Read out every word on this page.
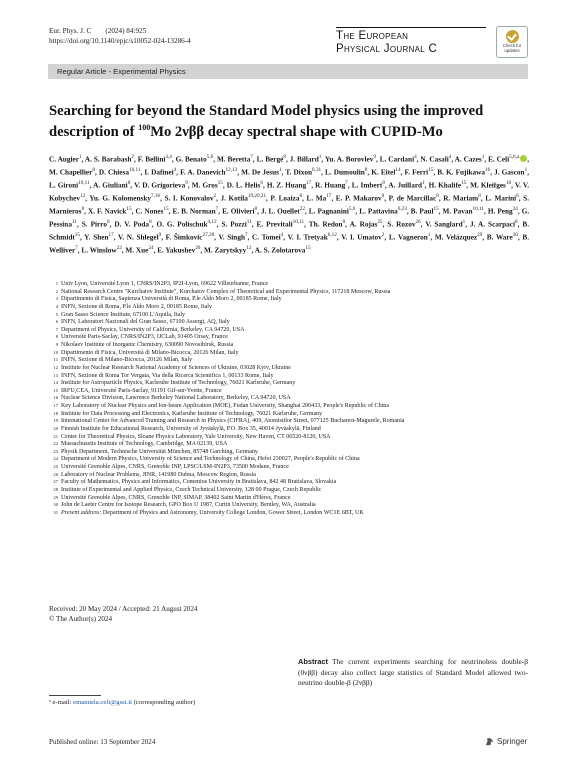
Eur. Phys. J. C (2024) 84:925
https://doi.org/10.1140/epjc/s10052-024-13286-4	The European
Physical Journal C	Check for updates
Regular Article - Experimental Physics
Searching for beyond the Standard Model physics using the improved description of $^{100}$Mo 2νββ decay spectral shape with CUPID-Mo
C. Augier$^1$, A. S. Barabash$^2$, F. Bellini$^{3,4}$, G. Benato$^{5,6}$, M. Beretta$^7$, L. Bergé$^8$, J. Billard$^1$, Yu. A. Borovlev$^9$, L. Cardani$^4$, N. Casali$^4$, A. Cazes$^1$, E. Celi$^{5,6,a}$ , M. Chapellier$^8$, D. Chiesa$^{10,11}$, I. Dafinei$^4$, F. A. Danevich$^{12,13}$, M. De Jesus$^1$, T. Dixon$^{8,31}$, L. Dumoulin$^8$, K. Eitel$^{14}$, F. Ferri$^{15}$, B. K. Fujikawa$^{16}$, J. Gascon$^1$, L. Gironi$^{10,11}$, A. Giuliani$^8$, V. D. Grigorieva$^9$, M. Gros$^{15}$, D. L. Helis$^6$, H. Z. Huang$^{17}$, R. Huang$^7$, L. Imbert$^8$, A. Juillard$^1$, H. Khalife$^{15}$, M. Kleifges$^{18}$, V. V. Kobychev$^{12}$, Yu. G. Kolomensky$^{7,16}$, S. I. Konovalov$^2$, J. Kotila$^{19,20,21}$, P. Loaiza$^8$, L. Ma$^{17}$, E. P. Makarov$^9$, P. de Marcillac$^8$, R. Mariam$^8$, L. Marini$^6$, S. Marnieros$^8$, X. F. Navick$^{15}$, C. Nones$^{15}$, E. B. Norman$^7$, E. Olivieri$^8$, J. L. Ouellet$^{22}$, L. Pagnanini$^{5,6}$, L. Pattavina$^{6,23}$, B. Paul$^{15}$, M. Pavan$^{10,11}$, H. Peng$^{24}$, G. Pessina$^{11}$, S. Pirro$^6$, D. V. Poda$^8$, O. G. Polischuk$^{4,12}$, S. Pozzi$^{11}$, E. Previtali$^{10,11}$, Th. Redon$^8$, A. Rojas$^{25}$, S. Rozov$^{26}$, V. Sanglard$^1$, J. A. Scarpaci$^8$, B. Schmidt$^{15}$, Y. Shen$^{17}$, V. N. Shlegel$^9$, F. Šimkovic$^{27,28}$, V. Singh$^7$, C. Tomei$^4$, V. I. Tretyak$^{6,12}$, V. I. Umatov$^2$, L. Vagneron$^1$, M. Velázquez$^{29}$, B. Ware$^{30}$, B. Welliver$^7$, L. Winslow$^{22}$, M. Xue$^{24}$, E. Yakushev$^{26}$, M. Zarytskyy$^{12}$, A. S. Zolotarova$^{15}$
1 Univ Lyon, Université Lyon 1, CNRS/IN2P3, IP2I-Lyon, 69622 Villeurbanne, France
2 National Research Centre "Kurchatov Institute", Kurchatov Complex of Theoretical and Experimental Physics, 117218 Moscow, Russia
3 Dipartimento di Fisica, Sapienza Università di Roma, P.le Aldo Moro 2, 00185 Rome, Italy
4 INFN, Sezione di Roma, P.le Aldo Moro 2, 00185 Rome, Italy
5 Gran Sasso Science Institute, 67100 L'Aquila, Italy
6 INFN, Laboratori Nazionali del Gran Sasso, 67100 Assergi, AQ, Italy
7 Department of Physics, University of California, Berkeley, CA 94720, USA
8 Université Paris-Saclay, CNRS/IN2P3, IJCLab, 91405 Orsay, France
9 Nikolaev Institute of Inorganic Chemistry, 630090 Novosibirsk, Russia
10 Dipartimento di Fisica, Università di Milano-Bicocca, 20126 Milan, Italy
11 INFN, Sezione di Milano-Bicocca, 20126 Milan, Italy
12 Institute for Nuclear Research National Academy of Sciences of Ukraine, 03028 Kyiv, Ukraine
13 INFN, Sezione di Roma Tor Vergata, Via della Ricerca Scientifica 1, 00133 Rome, Italy
14 Institute for Astroparticle Physics, Karlsruhe Institute of Technology, 76021 Karlsruhe, Germany
15 IRFU,CEA, Université Paris-Saclay, 91191 Gif-sur-Yvette, France
16 Nuclear Science Division, Lawrence Berkeley National Laboratory, Berkeley, CA 94720, USA
17 Key Laboratory of Nuclear Physics and Ion-beam Application (MOE), Fudan University, Shanghai 200433, People's Republic of China
18 Institute for Data Processing and Electronics, Karlsruhe Institute of Technology, 76021 Karlsruhe, Germany
19 International Center for Advanced Training and Research in Physics (CIFRA), 409, Atomistilor Street, 077125 Bucharest-Magurele, Romania
20 Finnish Institute for Educational Research, University of Jyväskylä, P.O. Box 35, 40014 Jyväskylä, Finland
21 Center for Theoretical Physics, Sloane Physics Laboratory, Yale University, New Haven, CT 06520-8120, USA
22 Massachusetts Institute of Technology, Cambridge, MA 02139, USA
23 Physik Department, Technische Universität München, 85748 Garching, Germany
24 Department of Modern Physics, University of Science and Technology of China, Hefei 230027, People's Republic of China
25 Université Grenoble Alpes, CNRS, Grenoble INP, LPSC/LSM-IN2P3, 73500 Modane, France
26 Laboratory of Nuclear Problems, JINR, 141980 Dubna, Moscow Region, Russia
27 Faculty of Mathematics, Physics and Informatics, Comenius University in Bratislava, 842 48 Bratislava, Slovakia
28 Institute of Experimental and Applied Physics, Czech Technical University, 128 00 Prague, Czech Republic
29 Université Grenoble Alpes, CNRS, Grenoble INP, SIMAP, 38402 Saint Martin d'Hères, France
30 John de Laeter Centre for Isotope Research, GPO Box U 1987, Curtin University, Bentley, WA, Australia
31 Present address: Department of Physics and Astronomy, University College London, Gower Street, London WC1E 6BT, UK
Received: 20 May 2024 / Accepted: 21 August 2024
© The Author(s) 2024
Abstract The current experiments searching for neutrinoless double-β (0νββ) decay also collect large statistics of Standard Model allowed two-neutrino double-β (2νββ)
ᵃ e-mail: emanuela.celi@gssi.it (corresponding author)
Published online: 13 September 2024	Springer
